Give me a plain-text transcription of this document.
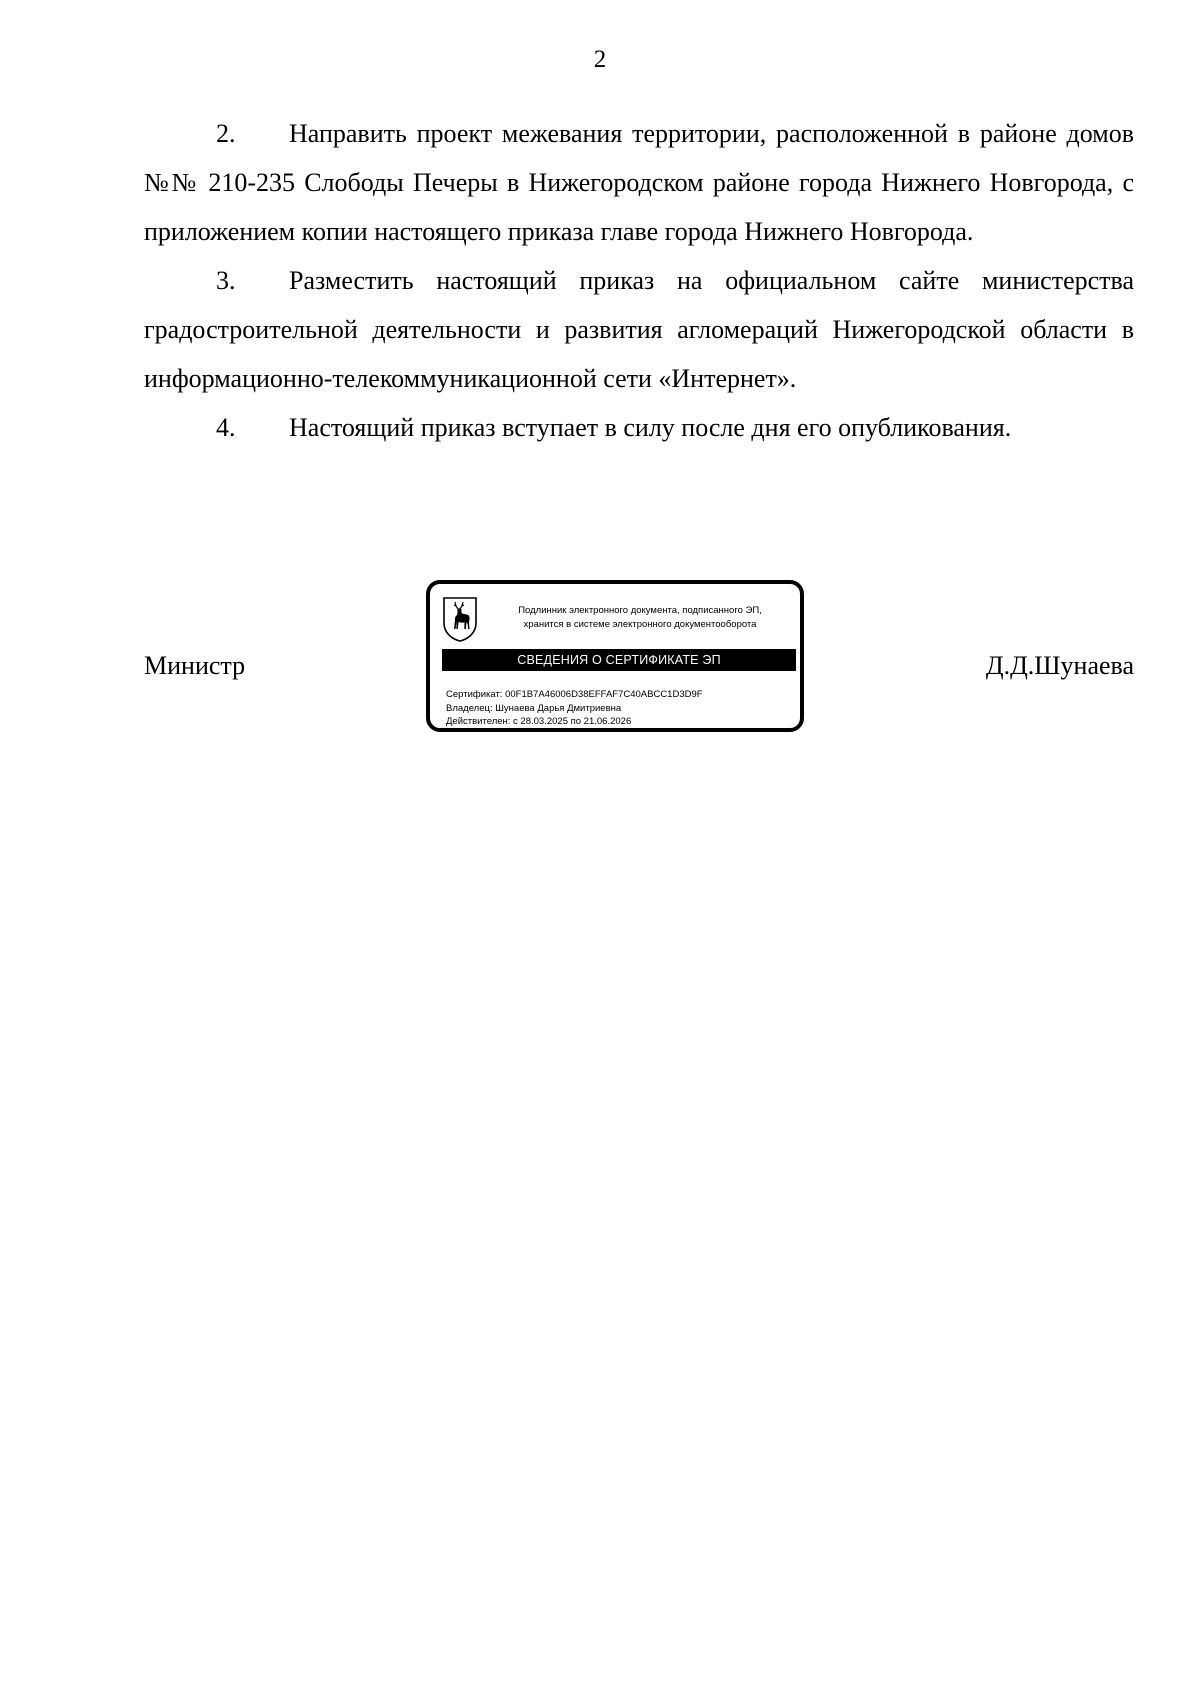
2

2. Направить проект межевания территории, расположенной в районе домов №№ 210-235 Слободы Печеры в Нижегородском районе города Нижнего Новгорода, с приложением копии настоящего приказа главе города Нижнего Новгорода.

3. Разместить настоящий приказ на официальном сайте министерства градостроительной деятельности и развития агломераций Нижегородской области в информационно-телекоммуникационной сети «Интернет».

4. Настоящий приказ вступает в силу после дня его опубликования.

Министр
Подлинник электронного документа, подписанного ЭП,
хранится в системе электронного документооборота
СВЕДЕНИЯ О СЕРТИФИКАТЕ ЭП
Сертификат: 00F1B7A46006D38EFFAF7C40ABCC1D3D9F
Владелец: Шунаева Дарья Дмитриевна
Действителен: с 28.03.2025 по 21.06.2026
Д.Д.Шунаева
